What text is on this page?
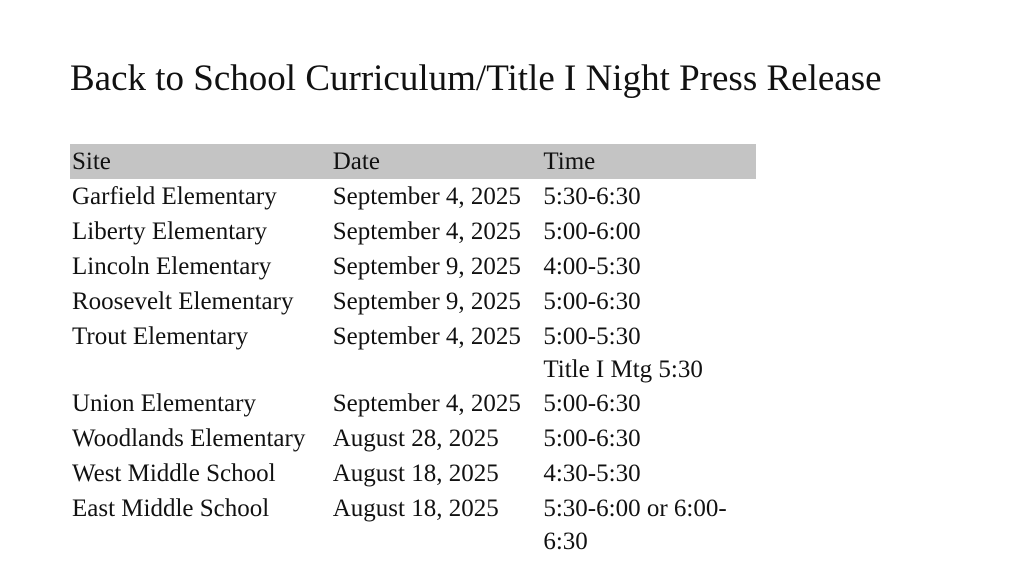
Back to School Curriculum/Title I Night Press Release
Site	Date	Time
Garfield Elementary	September 4, 2025	5:30-6:30

Liberty Elementary	September 4, 2025	5:00-6:00

Lincoln Elementary	September 9, 2025	4:00-5:30

Roosevelt Elementary	September 9, 2025	5:00-6:30

Trout Elementary	September 4, 2025	5:00-5:30
Title I Mtg 5:30

Union Elementary	September 4, 2025	5:00-6:30

Woodlands Elementary	August 28, 2025	5:00-6:30

West Middle School	August 18, 2025	4:30-5:30

East Middle School	August 18, 2025	5:30-6:00 or 6:00-
6:30
